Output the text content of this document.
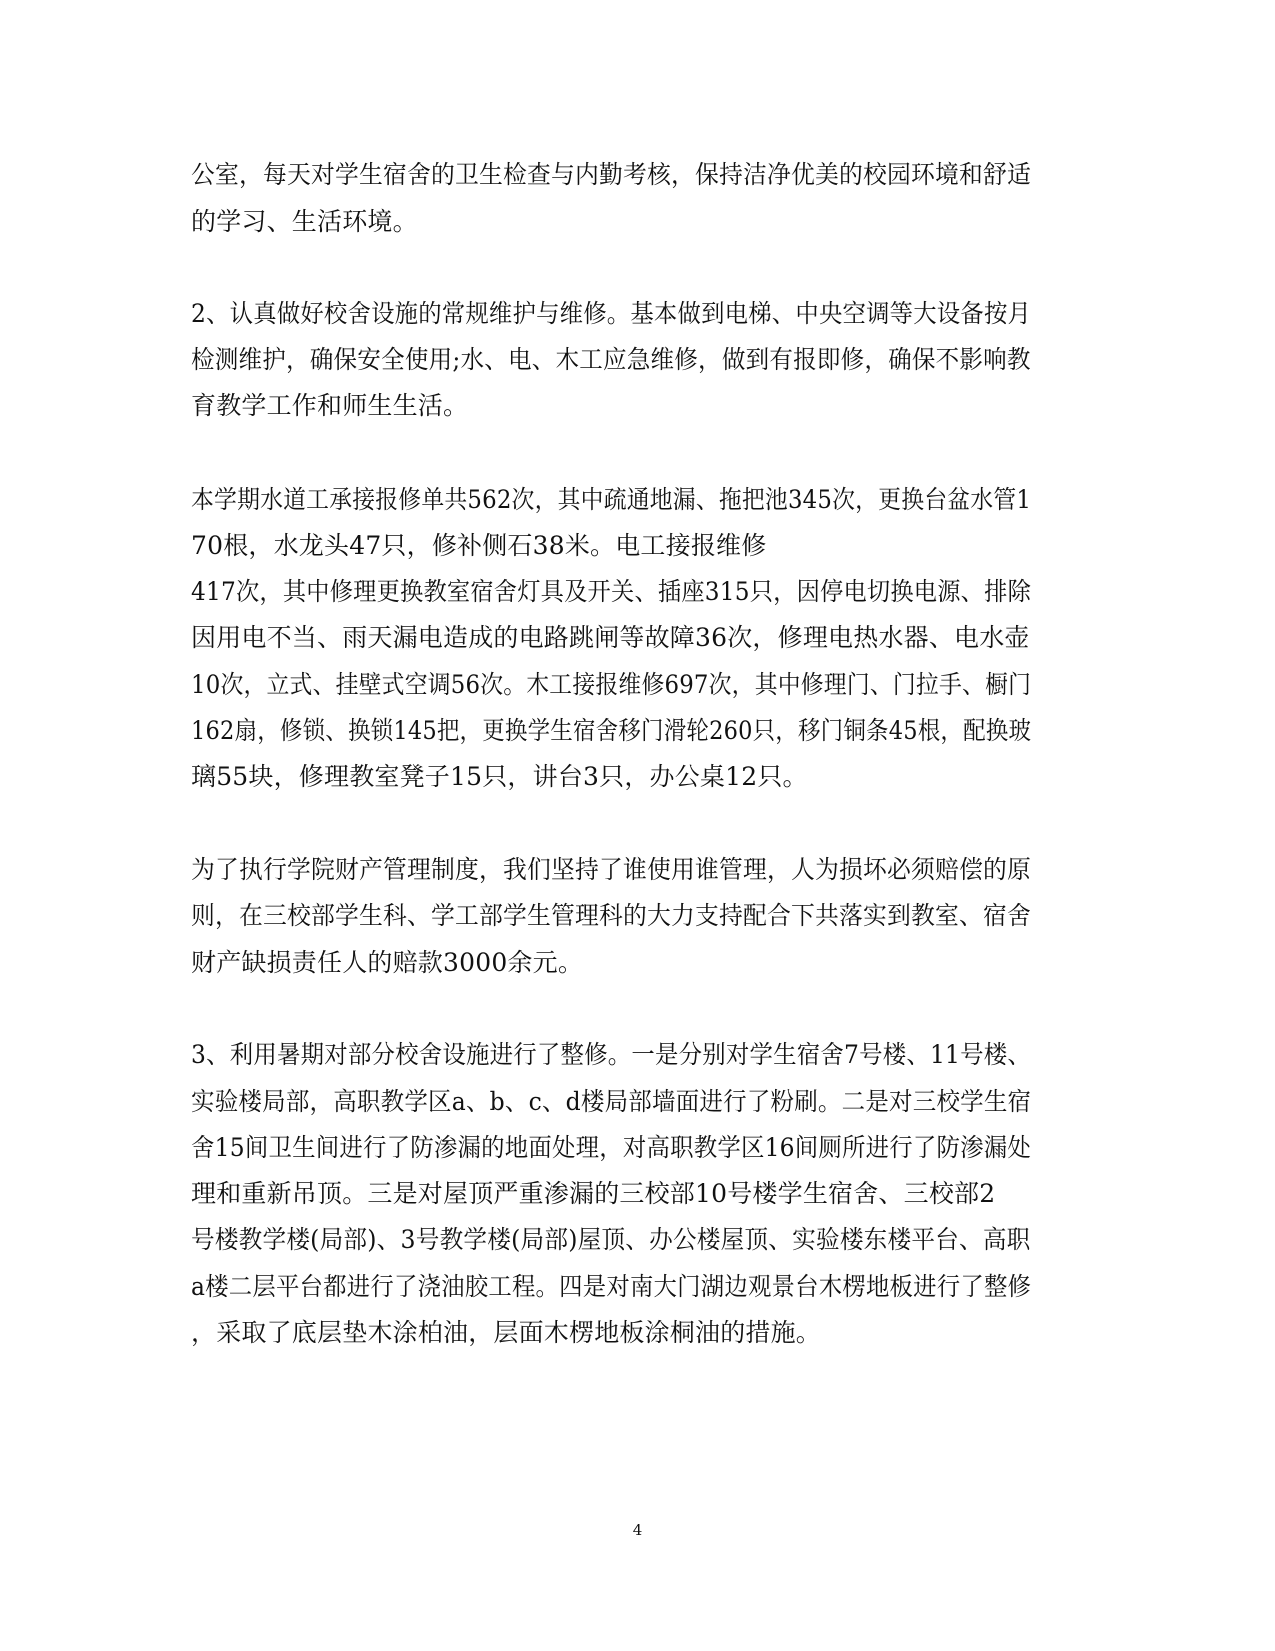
公室，每天对学生宿舍的卫生检查与内勤考核，保持洁净优美的校园环境和舒适
的学习、生活环境。
2、认真做好校舍设施的常规维护与维修。基本做到电梯、中央空调等大设备按月
检测维护，确保安全使用;水、电、木工应急维修，做到有报即修，确保不影响教
育教学工作和师生生活。
本学期水道工承接报修单共562次，其中疏通地漏、拖把池345次，更换台盆水管1
70根，水龙头47只，修补侧石38米。电工接报维修
417次，其中修理更换教室宿舍灯具及开关、插座315只，因停电切换电源、排除
因用电不当、雨天漏电造成的电路跳闸等故障36次，修理电热水器、电水壶
10次，立式、挂壁式空调56次。木工接报维修697次，其中修理门、门拉手、橱门
162扇，修锁、换锁145把，更换学生宿舍移门滑轮260只，移门铜条45根，配换玻
璃55块，修理教室凳子15只，讲台3只，办公桌12只。
为了执行学院财产管理制度，我们坚持了谁使用谁管理，人为损坏必须赔偿的原
则，在三校部学生科、学工部学生管理科的大力支持配合下共落实到教室、宿舍
财产缺损责任人的赔款3000余元。
3、利用暑期对部分校舍设施进行了整修。一是分别对学生宿舍7号楼、11号楼、
实验楼局部，高职教学区a、b、c、d楼局部墙面进行了粉刷。二是对三校学生宿
舍15间卫生间进行了防渗漏的地面处理，对高职教学区16间厕所进行了防渗漏处
理和重新吊顶。三是对屋顶严重渗漏的三校部10号楼学生宿舍、三校部2
号楼教学楼(局部)、3号教学楼(局部)屋顶、办公楼屋顶、实验楼东楼平台、高职
a楼二层平台都进行了浇油胶工程。四是对南大门湖边观景台木楞地板进行了整修
，采取了底层垫木涂柏油，层面木楞地板涂桐油的措施。
4
